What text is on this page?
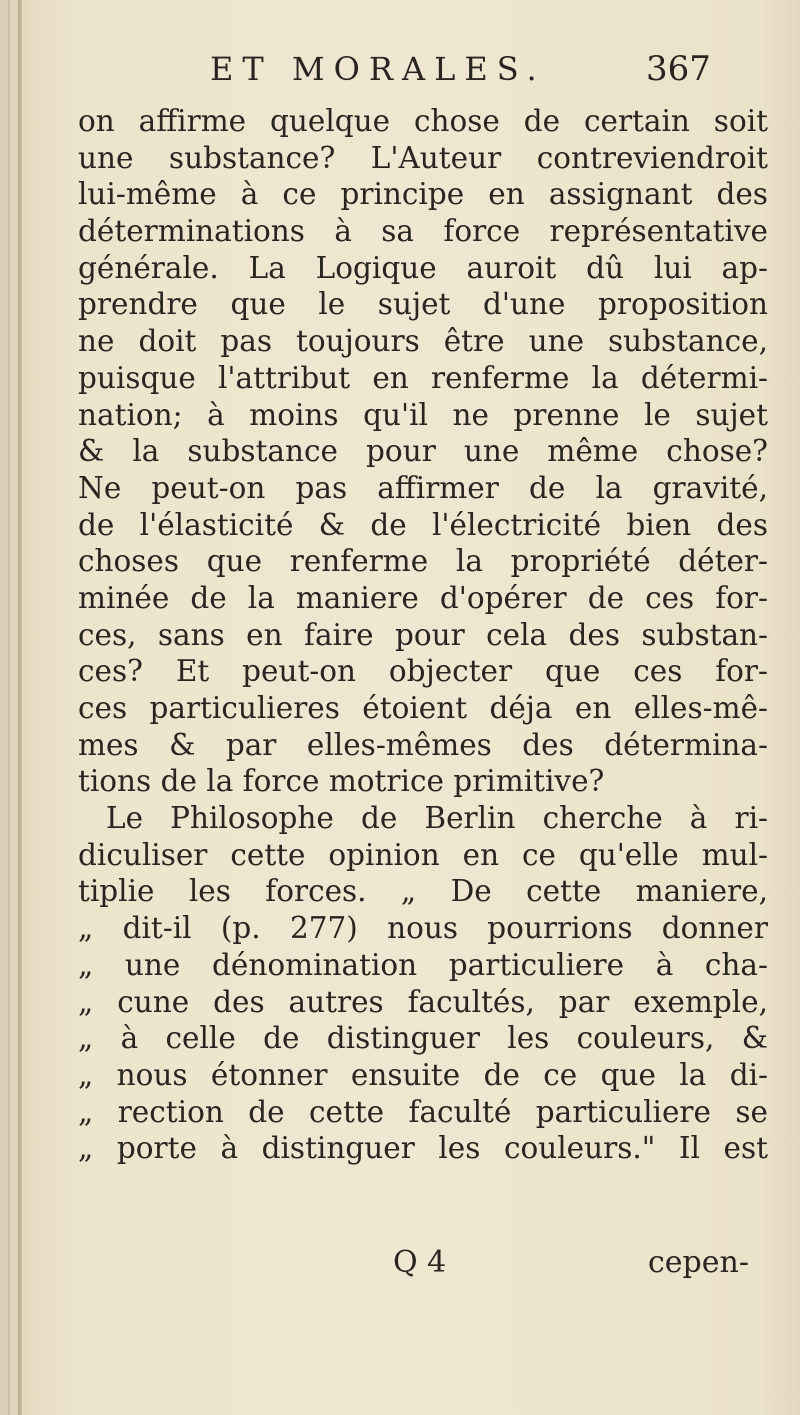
ET MORALES.	367
on affirme quelque chose de certain soit
une substance? L'Auteur contreviendroit
lui-même à ce principe en assignant des
déterminations à sa force représentative
générale. La Logique auroit dû lui ap-
prendre que le sujet d'une proposition
ne doit pas toujours être une substance,
puisque l'attribut en renferme la détermi-
nation; à moins qu'il ne prenne le sujet
& la substance pour une même chose?
Ne peut-on pas affirmer de la gravité,
de l'élasticité & de l'électricité bien des
choses que renferme la propriété déter-
minée de la maniere d'opérer de ces for-
ces, sans en faire pour cela des substan-
ces? Et peut-on objecter que ces for-
ces particulieres étoient déja en elles-mê-
mes & par elles-mêmes des détermina-
tions de la force motrice primitive?
Le Philosophe de Berlin cherche à ri-
diculiser cette opinion en ce qu'elle mul-
tiplie les forces. „ De cette maniere,
„ dit-il (p. 277) nous pourrions donner
„ une dénomination particuliere à cha-
„ cune des autres facultés, par exemple,
„ à celle de distinguer les couleurs, &
„ nous étonner ensuite de ce que la di-
„ rection de cette faculté particuliere se
„ porte à distinguer les couleurs." Il est
Q 4	cepen-
